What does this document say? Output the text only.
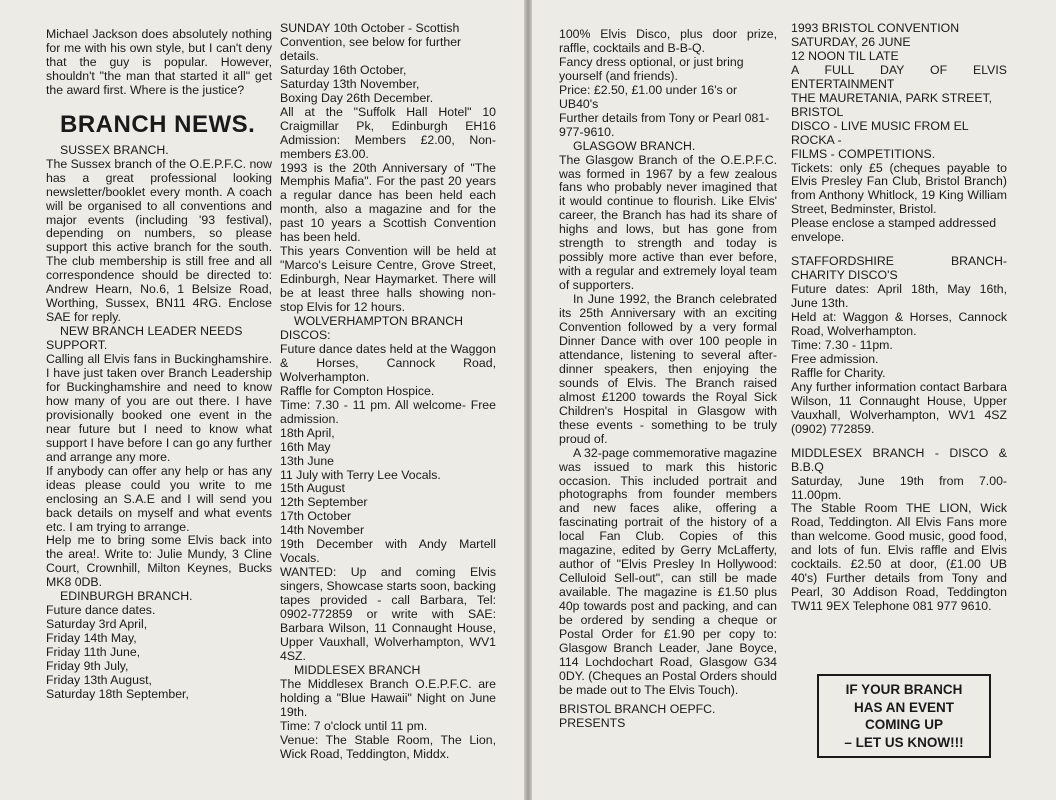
Michael Jackson does absolutely nothing for me with his own style, but I can't deny that the guy is popular. However, shouldn't "the man that started it all" get the award first. Where is the justice?

BRANCH NEWS.

SUSSEX BRANCH.

The Sussex branch of the O.E.P.F.C. now has a great professional looking newsletter/booklet every month. A coach will be organised to all conventions and major events (including '93 festival), depending on numbers, so please support this active branch for the south. The club membership is still free and all correspondence should be directed to: Andrew Hearn, No.6, 1 Belsize Road, Worthing, Sussex, BN11 4RG. Enclose SAE for reply.

NEW BRANCH LEADER NEEDS SUPPORT.

Calling all Elvis fans in Buckinghamshire. I have just taken over Branch Leadership for Buckinghamshire and need to know how many of you are out there. I have provisionally booked one event in the near future but I need to know what support I have before I can go any further and arrange any more.

If anybody can offer any help or has any ideas please could you write to me enclosing an S.A.E and I will send you back details on myself and what events etc. I am trying to arrange.

Help me to bring some Elvis back into the area!. Write to: Julie Mundy, 3 Cline Court, Crownhill, Milton Keynes, Bucks MK8 0DB.

EDINBURGH BRANCH.

Future dance dates.

Saturday 3rd April,

Friday 14th May,

Friday 11th June,

Friday 9th July,

Friday 13th August,

Saturday 18th September,

SUNDAY 10th October - Scottish Convention, see below for further

details.

Saturday 16th October,

Saturday 13th November,

Boxing Day 26th December.

All at the "Suffolk Hall Hotel" 10 Craigmillar Pk, Edinburgh EH16 Admission: Members £2.00, Non-members £3.00.

1993 is the 20th Anniversary of "The Memphis Mafia". For the past 20 years a regular dance has been held each month, also a magazine and for the past 10 years a Scottish Convention has been held.

This years Convention will be held at "Marco's Leisure Centre, Grove Street, Edinburgh, Near Haymarket. There will be at least three halls showing non-stop Elvis for 12 hours.

WOLVERHAMPTON BRANCH DISCOS:

Future dance dates held at the Waggon & Horses, Cannock Road, Wolverhampton.

Raffle for Compton Hospice.

Time: 7.30 - 11 pm. All welcome- Free admission.

18th April,

16th May

13th June

11 July with Terry Lee Vocals.

15th August

12th September

17th October

14th November

19th December with Andy Martell Vocals.

WANTED: Up and coming Elvis singers, Showcase starts soon, backing tapes provided - call Barbara, Tel: 0902-772859 or write with SAE: Barbara Wilson, 11 Connaught House, Upper Vauxhall, Wolverhampton, WV1 4SZ.

MIDDLESEX BRANCH

The Middlesex Branch O.E.P.F.C. are holding a "Blue Hawaii" Night on June 19th.

Time: 7 o'clock until 11 pm.

Venue: The Stable Room, The Lion, Wick Road, Teddington, Middx.

100% Elvis Disco, plus door prize, raffle, cocktails and B-B-Q.

Fancy dress optional, or just bring yourself (and friends).

Price: £2.50, £1.00 under 16's or UB40's

Further details from Tony or Pearl 081-977-9610.

GLASGOW BRANCH.

The Glasgow Branch of the O.E.P.F.C. was formed in 1967 by a few zealous fans who probably never imagined that it would continue to flourish. Like Elvis' career, the Branch has had its share of highs and lows, but has gone from strength to strength and today is possibly more active than ever before, with a regular and extremely loyal team of supporters.

In June 1992, the Branch celebrated its 25th Anniversary with an exciting Convention followed by a very formal Dinner Dance with over 100 people in attendance, listening to several after-dinner speakers, then enjoying the sounds of Elvis. The Branch raised almost £1200 towards the Royal Sick Children's Hospital in Glasgow with these events - something to be truly proud of.

A 32-page commemorative magazine was issued to mark this historic occasion. This included portrait and photographs from founder members and new faces alike, offering a fascinating portrait of the history of a local Fan Club. Copies of this magazine, edited by Gerry McLafferty, author of "Elvis Presley In Hollywood: Celluloid Sell-out", can still be made available. The magazine is £1.50 plus 40p towards post and packing, and can be ordered by sending a cheque or Postal Order for £1.90 per copy to: Glasgow Branch Leader, Jane Boyce, 114 Lochdochart Road, Glasgow G34 0DY. (Cheques an Postal Orders should be made out to The Elvis Touch).

BRISTOL BRANCH OEPFC.

PRESENTS

1993 BRISTOL CONVENTION

SATURDAY, 26 JUNE

12 NOON TIL LATE

A FULL DAY OF ELVIS ENTERTAINMENT

THE MAURETANIA, PARK STREET,

BRISTOL

DISCO - LIVE MUSIC FROM EL ROCKA -

FILMS - COMPETITIONS.

Tickets: only £5 (cheques payable to Elvis Presley Fan Club, Bristol Branch) from Anthony Whitlock, 19 King William Street, Bedminster, Bristol.

Please enclose a stamped addressed envelope.

STAFFORDSHIRE BRANCH-CHARITY DISCO'S

Future dates: April 18th, May 16th, June 13th.

Held at: Waggon & Horses, Cannock Road, Wolverhampton.

Time: 7.30 - 11pm.

Free admission.

Raffle for Charity.

Any further information contact Barbara Wilson, 11 Connaught House, Upper Vauxhall, Wolverhampton, WV1 4SZ (0902) 772859.

MIDDLESEX BRANCH - DISCO & B.B.Q

Saturday, June 19th from 7.00-11.00pm.

The Stable Room THE LION, Wick Road, Teddington. All Elvis Fans more than welcome. Good music, good food, and lots of fun. Elvis raffle and Elvis cocktails. £2.50 at door, (£1.00 UB 40's) Further details from Tony and Pearl, 30 Addison Road, Teddington TW11 9EX Telephone 081 977 9610.

IF YOUR BRANCH
HAS AN EVENT
COMING UP
– LET US KNOW!!!
